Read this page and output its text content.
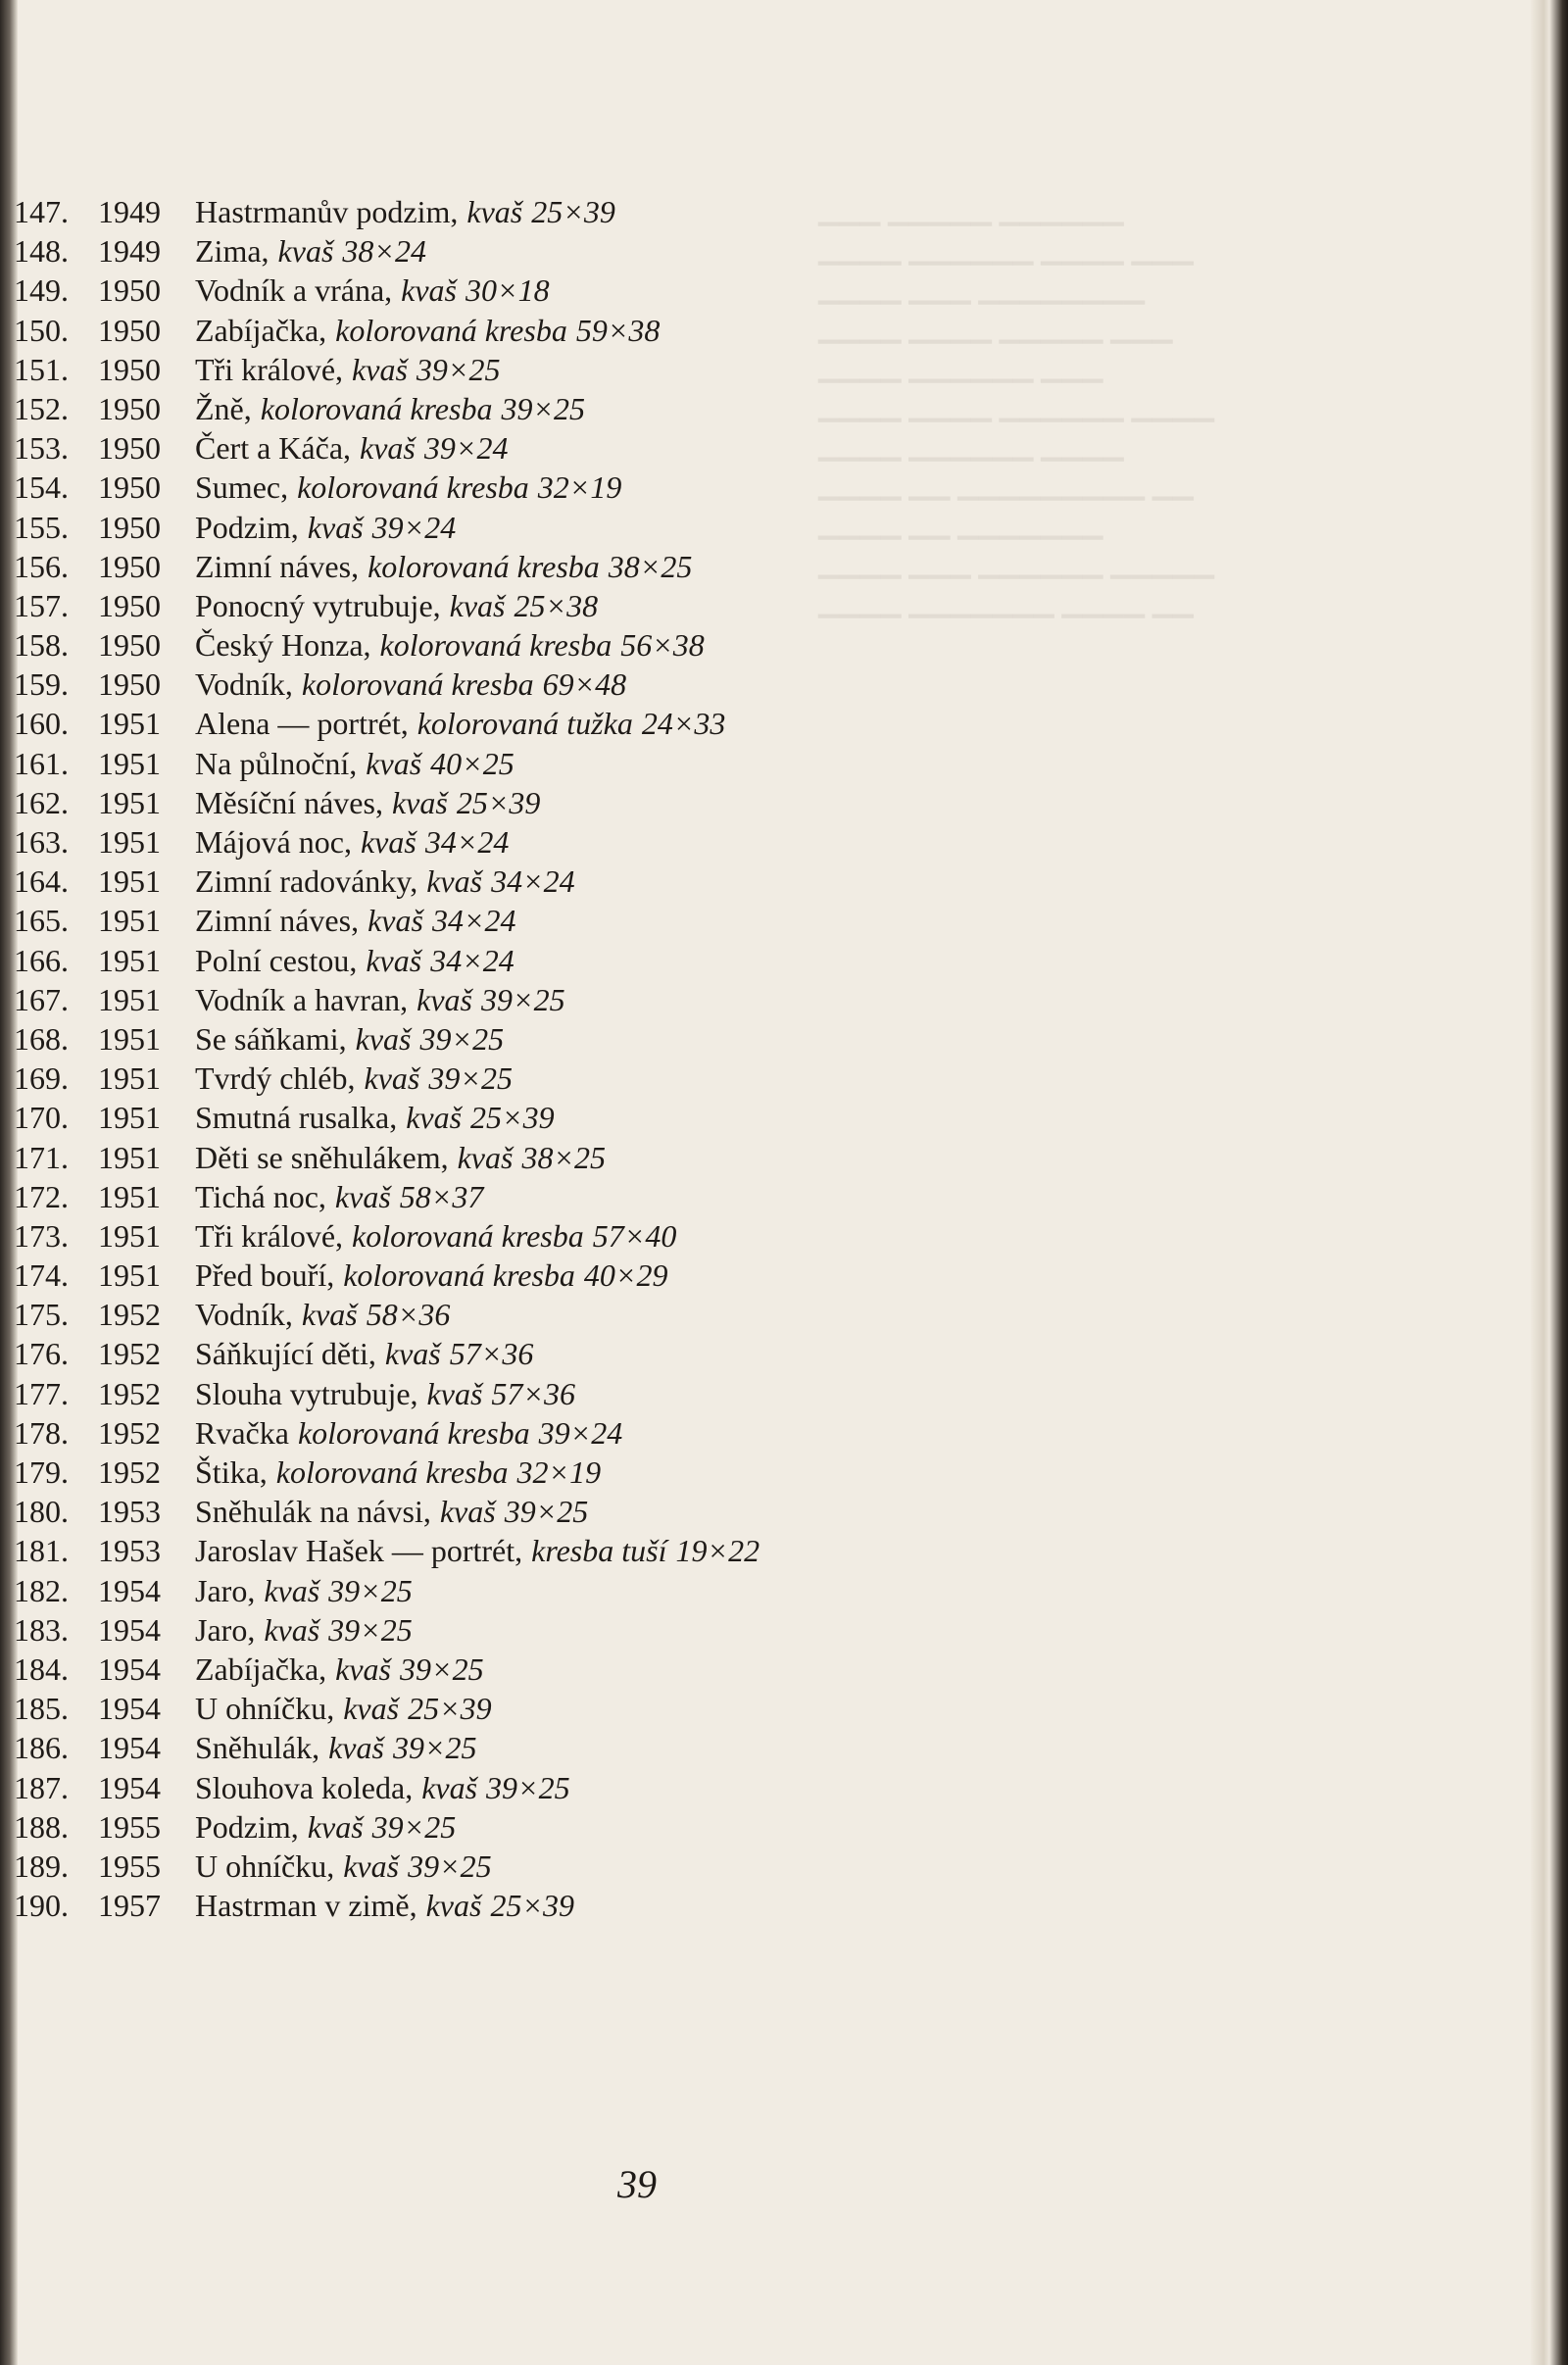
▁▁▁ ▁▁▁▁▁ ▁▁▁▁▁▁
▁▁▁▁ ▁▁▁▁▁▁ ▁▁▁▁ ▁▁▁
▁▁▁▁ ▁▁▁ ▁▁▁▁▁▁▁▁
▁▁▁▁ ▁▁▁▁ ▁▁▁▁▁ ▁▁▁
▁▁▁▁ ▁▁▁▁▁▁ ▁▁▁
▁▁▁▁ ▁▁▁▁ ▁▁▁▁▁▁ ▁▁▁▁
▁▁▁▁ ▁▁▁▁▁▁ ▁▁▁▁
▁▁▁▁ ▁▁ ▁▁▁▁▁▁▁▁▁ ▁▁
▁▁▁▁ ▁▁ ▁▁▁▁▁▁▁
▁▁▁▁ ▁▁▁ ▁▁▁▁▁▁ ▁▁▁▁▁
▁▁▁▁ ▁▁▁▁▁▁▁ ▁▁▁▁ ▁▁
147. 1949	Hastrmanův podzim, kvaš 25×39
148. 1949	Zima, kvaš 38×24
149. 1950	Vodník a vrána, kvaš 30×18
150. 1950	Zabíjačka, kolorovaná kresba 59×38
151. 1950	Tři králové, kvaš 39×25
152. 1950	Žně, kolorovaná kresba 39×25
153. 1950	Čert a Káča, kvaš 39×24
154. 1950	Sumec, kolorovaná kresba 32×19
155. 1950	Podzim, kvaš 39×24
156. 1950	Zimní náves, kolorovaná kresba 38×25
157. 1950	Ponocný vytrubuje, kvaš 25×38
158. 1950	Český Honza, kolorovaná kresba 56×38
159. 1950	Vodník, kolorovaná kresba 69×48
160. 1951	Alena — portrét, kolorovaná tužka 24×33
161. 1951	Na půlnoční, kvaš 40×25
162. 1951	Měsíční náves, kvaš 25×39
163. 1951	Májová noc, kvaš 34×24
164. 1951	Zimní radovánky, kvaš 34×24
165. 1951	Zimní náves, kvaš 34×24
166. 1951	Polní cestou, kvaš 34×24
167. 1951	Vodník a havran, kvaš 39×25
168. 1951	Se sáňkami, kvaš 39×25
169. 1951	Tvrdý chléb, kvaš 39×25
170. 1951	Smutná rusalka, kvaš 25×39
171. 1951	Děti se sněhulákem, kvaš 38×25
172. 1951	Tichá noc, kvaš 58×37
173. 1951	Tři králové, kolorovaná kresba 57×40
174. 1951	Před bouří, kolorovaná kresba 40×29
175. 1952	Vodník, kvaš 58×36
176. 1952	Sáňkující děti, kvaš 57×36
177. 1952	Slouha vytrubuje, kvaš 57×36
178. 1952	Rvačka kolorovaná kresba 39×24
179. 1952	Štika, kolorovaná kresba 32×19
180. 1953	Sněhulák na návsi, kvaš 39×25
181. 1953	Jaroslav Hašek — portrét, kresba tuší 19×22
182. 1954	Jaro, kvaš 39×25
183. 1954	Jaro, kvaš 39×25
184. 1954	Zabíjačka, kvaš 39×25
185. 1954	U ohníčku, kvaš 25×39
186. 1954	Sněhulák, kvaš 39×25
187. 1954	Slouhova koleda, kvaš 39×25
188. 1955	Podzim, kvaš 39×25
189. 1955	U ohníčku, kvaš 39×25
190. 1957	Hastrman v zimě, kvaš 25×39
39
